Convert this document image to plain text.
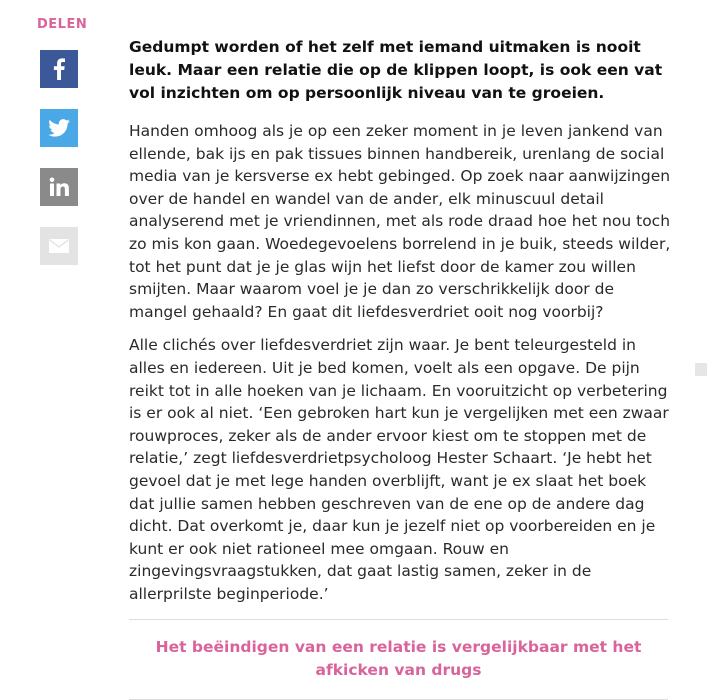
DELEN

Gedumpt worden of het zelf met iemand uitmaken is nooit leuk. Maar een relatie die op de klippen loopt, is ook een vat vol inzichten om op persoonlijk niveau van te groeien.

Handen omhoog als je op een zeker moment in je leven jankend van ellende, bak ijs en pak tissues binnen handbereik, urenlang de social media van je kersverse ex hebt gebinged. Op zoek naar aanwijzingen over de handel en wandel van de ander, elk minuscuul detail analyserend met je vriendinnen, met als rode draad hoe het nou toch zo mis kon gaan. Woedegevoelens borrelend in je buik, steeds wilder, tot het punt dat je je glas wijn het liefst door de kamer zou willen smijten. Maar waarom voel je je dan zo verschrikkelijk door de mangel gehaald? En gaat dit liefdesverdriet ooit nog voorbij?

Alle clichés over liefdesverdriet zijn waar. Je bent teleurgesteld in alles en iedereen. Uit je bed komen, voelt als een opgave. De pijn reikt tot in alle hoeken van je lichaam. En vooruitzicht op verbetering is er ook al niet. ‘Een gebroken hart kun je vergelijken met een zwaar rouwproces, zeker als de ander ervoor kiest om te stoppen met de relatie,’ zegt liefdesverdrietpsycholoog Hester Schaart. ‘Je hebt het gevoel dat je met lege handen overblijft, want je ex slaat het boek dat jullie samen hebben geschreven van de ene op de andere dag dicht. Dat overkomt je, daar kun je jezelf niet op voorbereiden en je kunt er ook niet rationeel mee omgaan. Rouw en zingevingsvraagstukken, dat gaat lastig samen, zeker in de allerprilste beginperiode.’

Het beëindigen van een relatie is vergelijkbaar met het afkicken van drugs
